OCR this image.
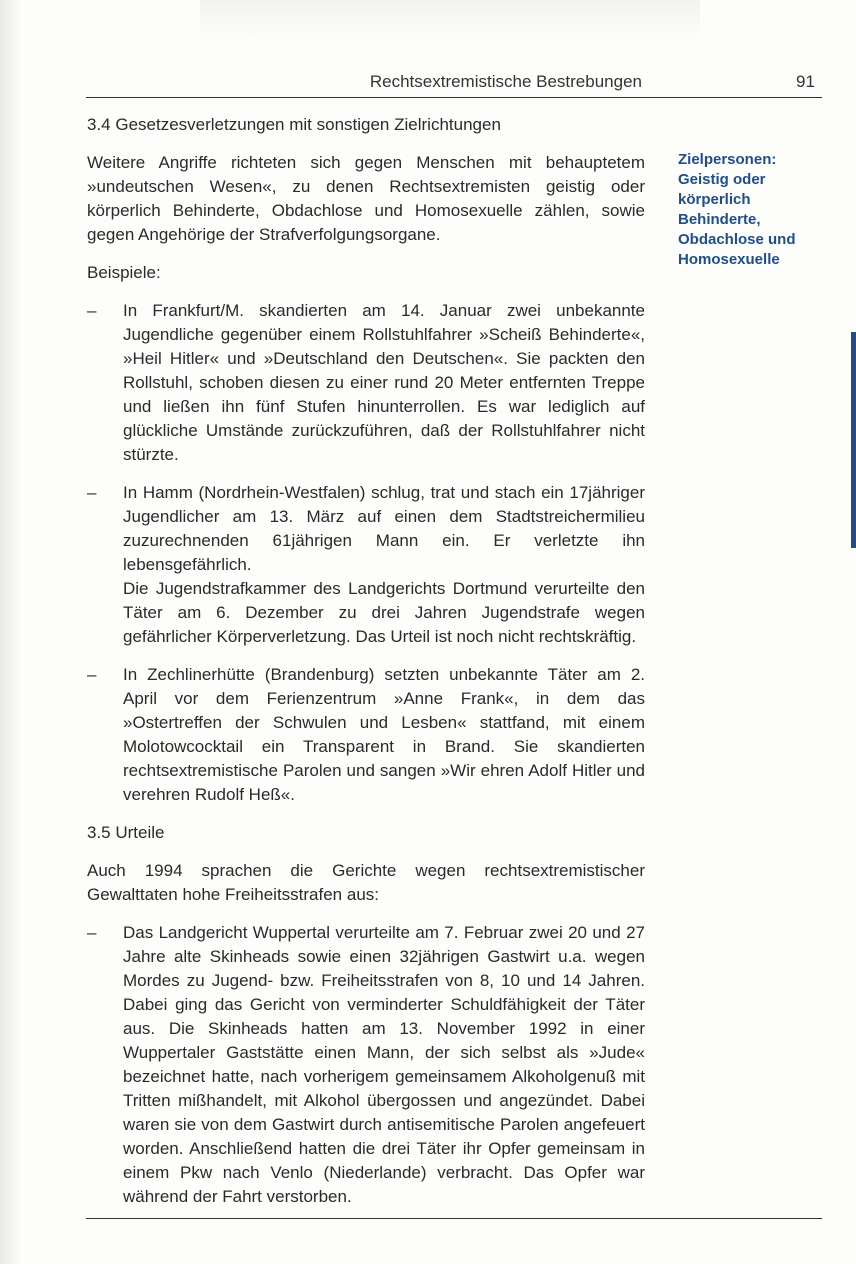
Rechtsextremistische Bestrebungen	91
3.4 Gesetzesverletzungen mit sonstigen Zielrichtungen

Weitere Angriffe richteten sich gegen Menschen mit behauptetem »undeutschen Wesen«, zu denen Rechtsextremisten geistig oder körperlich Behinderte, Obdachlose und Homosexuelle zählen, sowie gegen Angehörige der Strafverfolgungsorgane.

Beispiele:

–	In Frankfurt/M. skandierten am 14. Januar zwei unbekannte Jugendliche gegenüber einem Rollstuhlfahrer »Scheiß Behinderte«, »Heil Hitler« und »Deutschland den Deutschen«. Sie packten den Rollstuhl, schoben diesen zu einer rund 20 Meter entfernten Treppe und ließen ihn fünf Stufen hinunterrollen. Es war lediglich auf glückliche Umstände zurückzuführen, daß der Rollstuhlfahrer nicht stürzte.
–	In Hamm (Nordrhein-Westfalen) schlug, trat und stach ein 17jähriger Jugendlicher am 13. März auf einen dem Stadtstreichermilieu zuzurechnenden 61jährigen Mann ein. Er verletzte ihn lebensgefährlich.
Die Jugendstrafkammer des Landgerichts Dortmund verurteilte den Täter am 6. Dezember zu drei Jahren Jugendstrafe wegen gefährlicher Körperverletzung. Das Urteil ist noch nicht rechtskräftig.
–	In Zechlinerhütte (Brandenburg) setzten unbekannte Täter am 2. April vor dem Ferienzentrum »Anne Frank«, in dem das »Ostertreffen der Schwulen und Lesben« stattfand, mit einem Molotowcocktail ein Transparent in Brand. Sie skandierten rechtsextremistische Parolen und sangen »Wir ehren Adolf Hitler und verehren Rudolf Heß«.
3.5 Urteile

Auch 1994 sprachen die Gerichte wegen rechtsextremistischer Gewalttaten hohe Freiheitsstrafen aus:

–	Das Landgericht Wuppertal verurteilte am 7. Februar zwei 20 und 27 Jahre alte Skinheads sowie einen 32jährigen Gastwirt u.a. wegen Mordes zu Jugend- bzw. Freiheitsstrafen von 8, 10 und 14 Jahren. Dabei ging das Gericht von verminderter Schuldfähigkeit der Täter aus. Die Skinheads hatten am 13. November 1992 in einer Wuppertaler Gaststätte einen Mann, der sich selbst als »Jude« bezeichnet hatte, nach vorherigem gemeinsamem Alkoholgenuß mit Tritten mißhandelt, mit Alkohol übergossen und angezündet. Dabei waren sie von dem Gastwirt durch antisemitische Parolen angefeuert worden. Anschließend hatten die drei Täter ihr Opfer gemeinsam in einem Pkw nach Venlo (Niederlande) verbracht. Das Opfer war während der Fahrt verstorben.
Zielpersonen: Geistig oder körperlich Behinderte, Obdachlose und Homosexuelle
